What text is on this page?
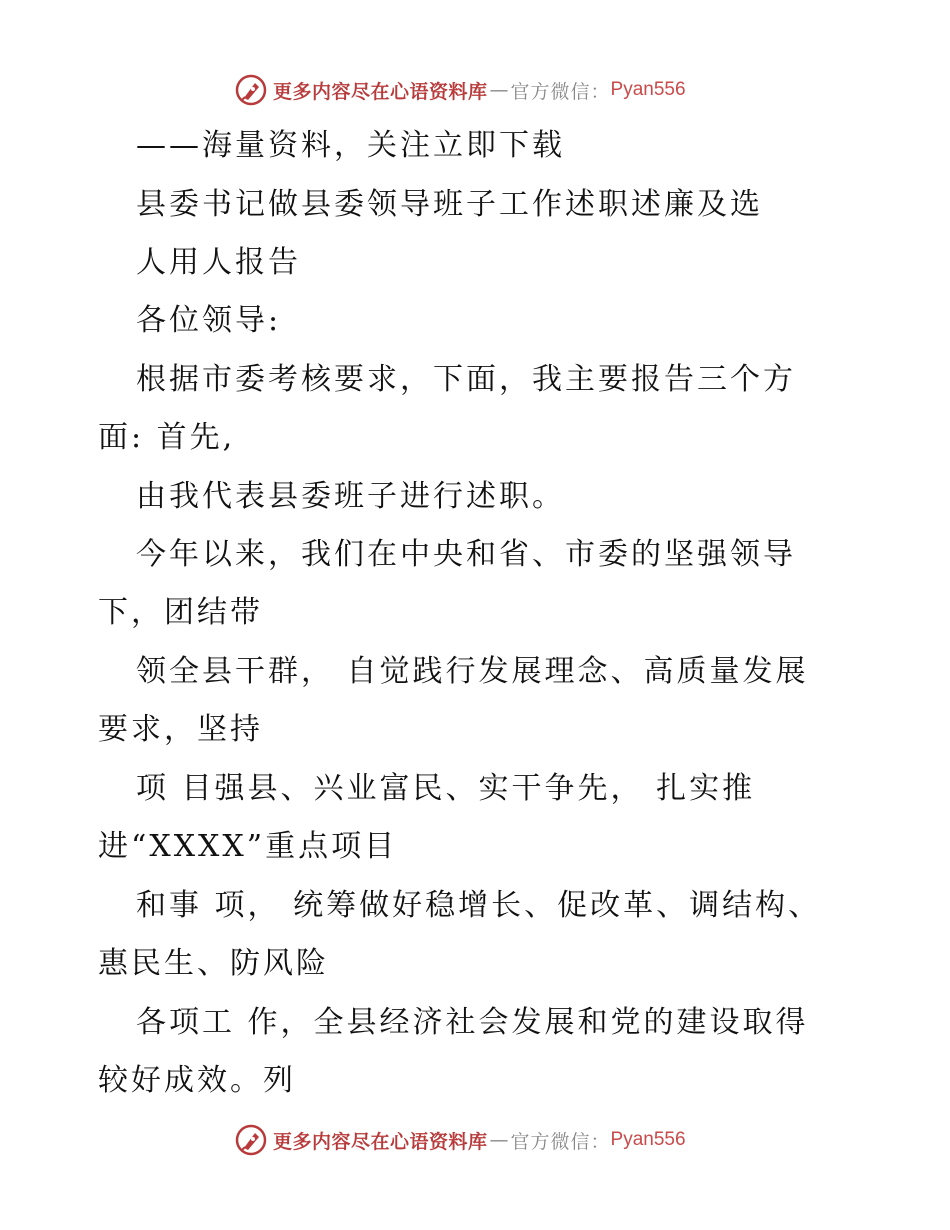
更多内容尽在心语资料库 — 官方微信： Pyan556
——海量资料，关注立即下载
县委书记做县委领导班子工作述职述廉及选
人用人报告
各位领导:
根据市委考核要求，下面，我主要报告三个方
面: 首先,
由我代表县委班子进行述职。
今年以来，我们在中央和省、市委的坚强领导
下，团结带
领全县干群， 自觉践行发展理念、高质量发展
要求，坚持
项 目强县、兴业富民、实干争先， 扎实推
进“XXXX”重点项目
和事 项， 统筹做好稳增长、促改革、调结构、
惠民生、防风险
各项工 作，全县经济社会发展和党的建设取得
较好成效。列
更多内容尽在心语资料库 — 官方微信： Pyan556
